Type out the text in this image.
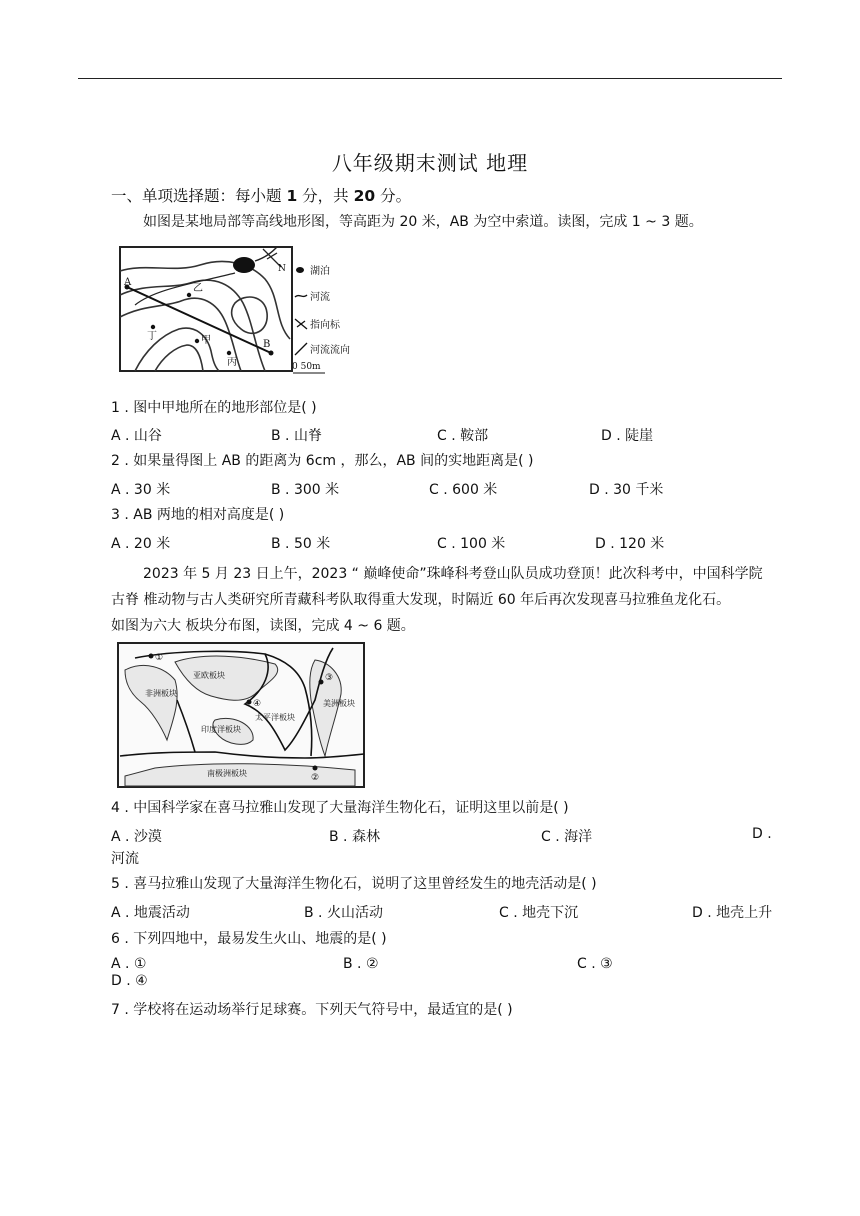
八年级期末测试 地理
一、单项选择题：每小题 1 分，共 20 分。
如图是某地局部等高线地形图，等高距为 20 米，AB 为空中索道。读图，完成 1 ~ 3 题。
A
B
乙
丁	甲
丙
N 湖泊
河流
指向标
河流流向
0 50m
1 . 图中甲地所在的地形部位是( )
A . 山谷	B . 山脊	C . 鞍部	D . 陡崖
2 . 如果量得图上 AB 的距离为 6cm ，那么，AB 间的实地距离是( )
A . 30 米	B . 300 米	C . 600 米	D . 30 千米
3 . AB 两地的相对高度是( )
A . 20 米	B . 50 米	C . 100 米	D . 120 米
2023 年 5 月 23 日上午，2023 “ 巅峰使命”珠峰科考登山队员成功登顶！此次科考中，中国科学院
古脊 椎动物与古人类研究所青藏科考队取得重大发现，时隔近 60 年后再次发现喜马拉雅鱼龙化石。
如图为六大 板块分布图，读图，完成 4 ~ 6 题。
亚欧板块
非洲板块
太平洋板块
印度洋板块
美洲板块
南极洲板块
①
②
③
④
4 . 中国科学家在喜马拉雅山发现了大量海洋生物化石，证明这里以前是( )
A . 沙漠	B . 森林	C . 海洋	D .
河流
5 . 喜马拉雅山发现了大量海洋生物化石，说明了这里曾经发生的地壳活动是( )
A . 地震活动	B . 火山活动	C . 地壳下沉	D . 地壳上升
6 . 下列四地中，最易发生火山、地震的是( )
A . ①	B . ②	C . ③
D . ④
7 . 学校将在运动场举行足球赛。下列天气符号中，最适宜的是( )
